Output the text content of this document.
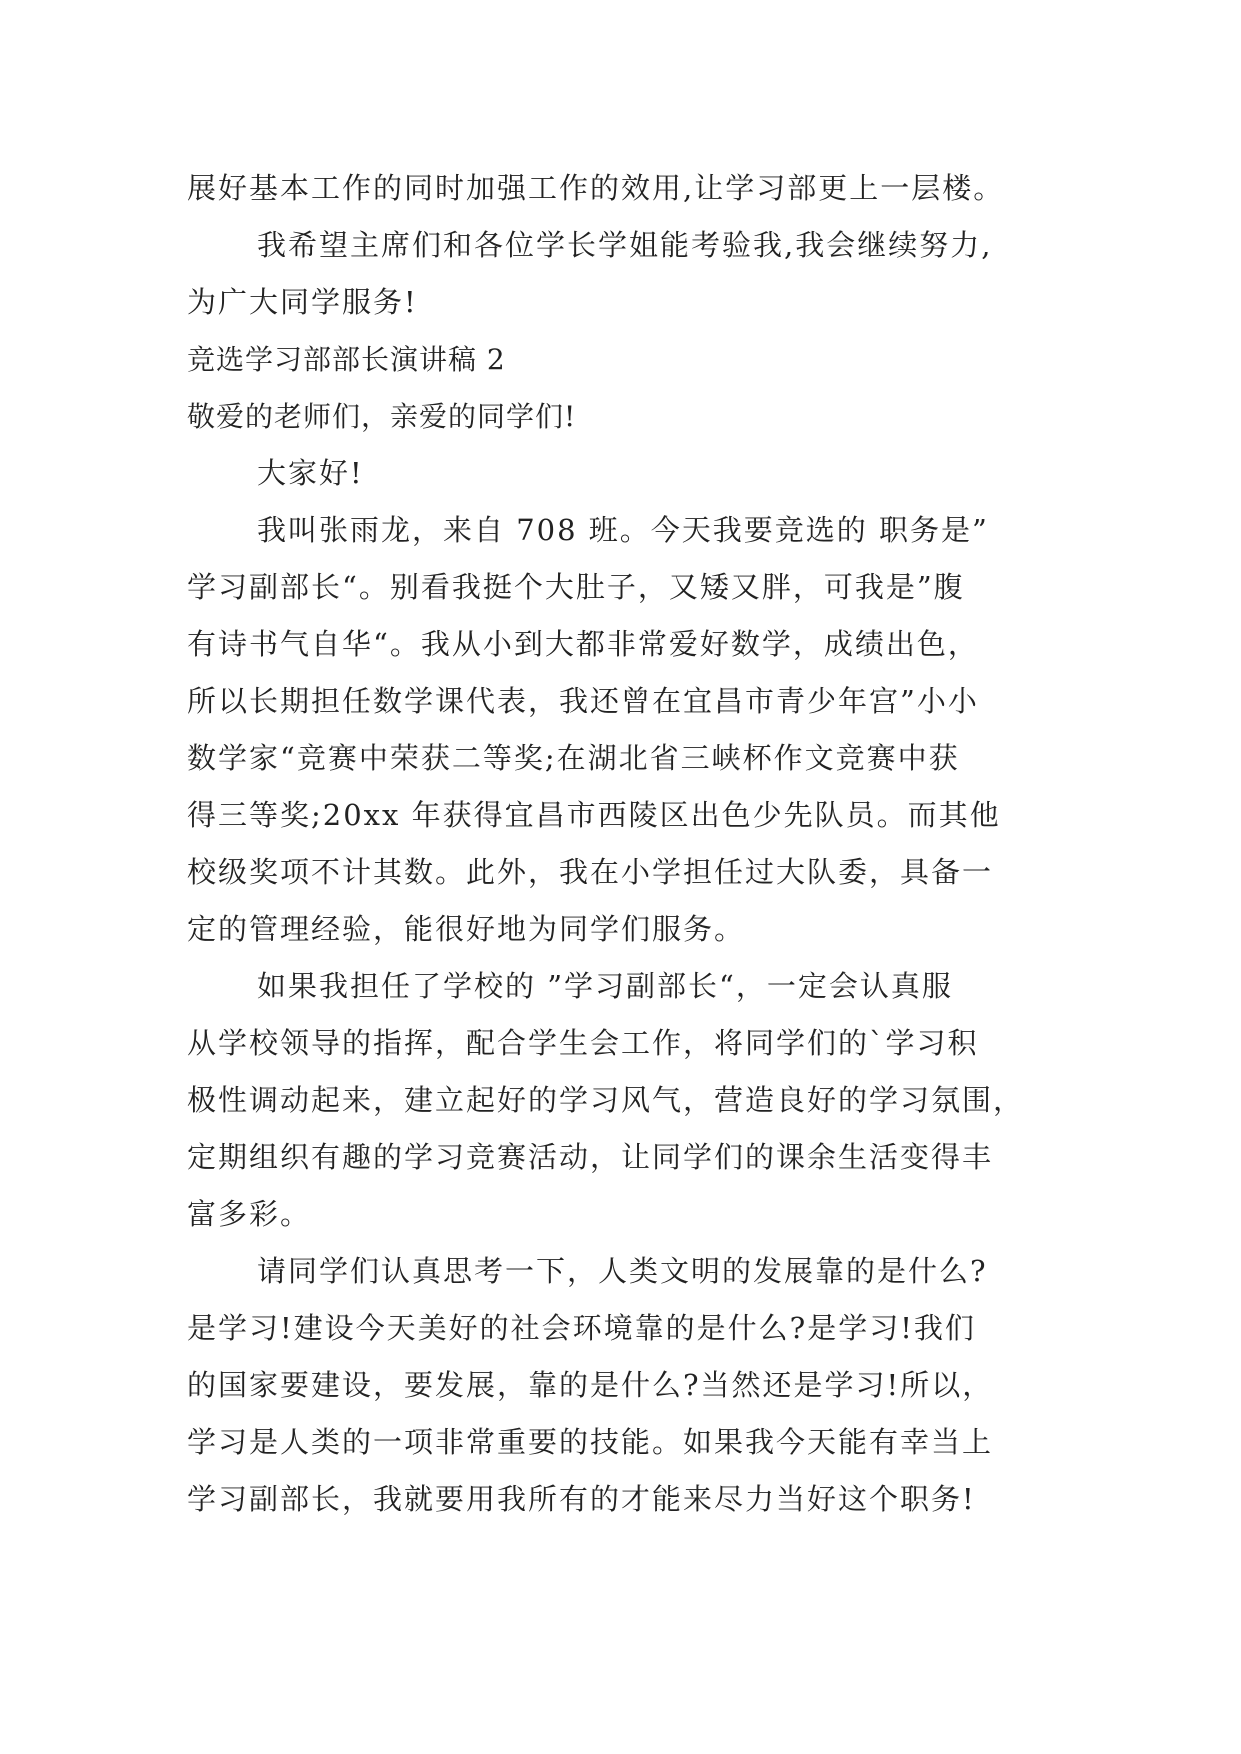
展好基本工作的同时加强工作的效用,让学习部更上一层楼。
我希望主席们和各位学长学姐能考验我,我会继续努力,
为广大同学服务!
竞选学习部部长演讲稿 2
敬爱的老师们，亲爱的同学们!
大家好!
我叫张雨龙，来自 708 班。今天我要竞选的 职务是”
学习副部长“。别看我挺个大肚子，又矮又胖，可我是”腹
有诗书气自华“。我从小到大都非常爱好数学，成绩出色，
所以长期担任数学课代表，我还曾在宜昌市青少年宫”小小
数学家“竞赛中荣获二等奖;在湖北省三峡杯作文竞赛中获
得三等奖;20xx 年获得宜昌市西陵区出色少先队员。而其他
校级奖项不计其数。此外，我在小学担任过大队委，具备一
定的管理经验，能很好地为同学们服务。
如果我担任了学校的 ”学习副部长“，一定会认真服
从学校领导的指挥，配合学生会工作，将同学们的`学习积
极性调动起来，建立起好的学习风气，营造良好的学习氛围，
定期组织有趣的学习竞赛活动，让同学们的课余生活变得丰
富多彩。
请同学们认真思考一下，人类文明的发展靠的是什么?
是学习!建设今天美好的社会环境靠的是什么?是学习!我们
的国家要建设，要发展，靠的是什么?当然还是学习!所以，
学习是人类的一项非常重要的技能。如果我今天能有幸当上
学习副部长，我就要用我所有的才能来尽力当好这个职务!
